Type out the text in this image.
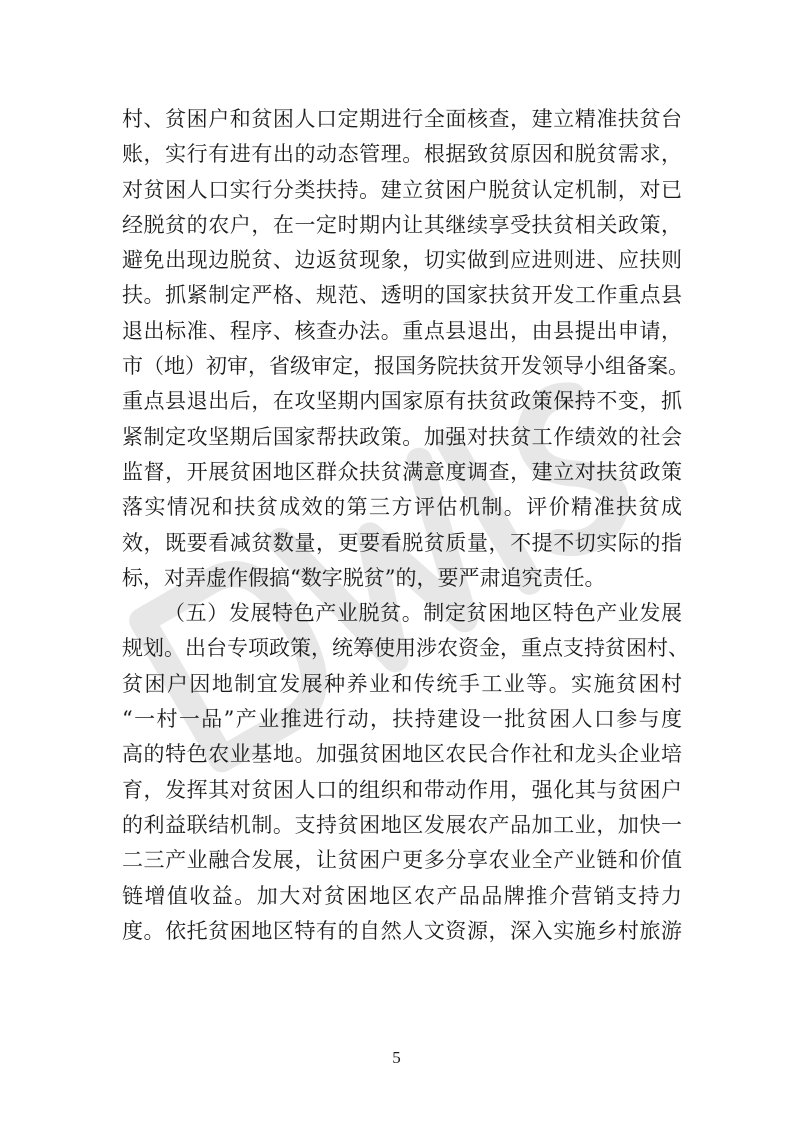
村、贫困户和贫困人口定期进行全面核查，建立精准扶贫台
账，实行有进有出的动态管理。根据致贫原因和脱贫需求，
对贫困人口实行分类扶持。建立贫困户脱贫认定机制，对已
经脱贫的农户，在一定时期内让其继续享受扶贫相关政策，
避免出现边脱贫、边返贫现象，切实做到应进则进、应扶则
扶。抓紧制定严格、规范、透明的国家扶贫开发工作重点县
退出标准、程序、核查办法。重点县退出，由县提出申请，
市（地）初审，省级审定，报国务院扶贫开发领导小组备案。
重点县退出后，在攻坚期内国家原有扶贫政策保持不变，抓
紧制定攻坚期后国家帮扶政策。加强对扶贫工作绩效的社会
监督，开展贫困地区群众扶贫满意度调查，建立对扶贫政策
落实情况和扶贫成效的第三方评估机制。评价精准扶贫成
效，既要看减贫数量，更要看脱贫质量，不提不切实际的指
标，对弄虚作假搞“数字脱贫”的，要严肃追究责任。
（五）发展特色产业脱贫。制定贫困地区特色产业发展
规划。出台专项政策，统筹使用涉农资金，重点支持贫困村、
贫困户因地制宜发展种养业和传统手工业等。实施贫困村
“一村一品”产业推进行动，扶持建设一批贫困人口参与度
高的特色农业基地。加强贫困地区农民合作社和龙头企业培
育，发挥其对贫困人口的组织和带动作用，强化其与贫困户
的利益联结机制。支持贫困地区发展农产品加工业，加快一
二三产业融合发展，让贫困户更多分享农业全产业链和价值
链增值收益。加大对贫困地区农产品品牌推介营销支持力
度。依托贫困地区特有的自然人文资源，深入实施乡村旅游
5
